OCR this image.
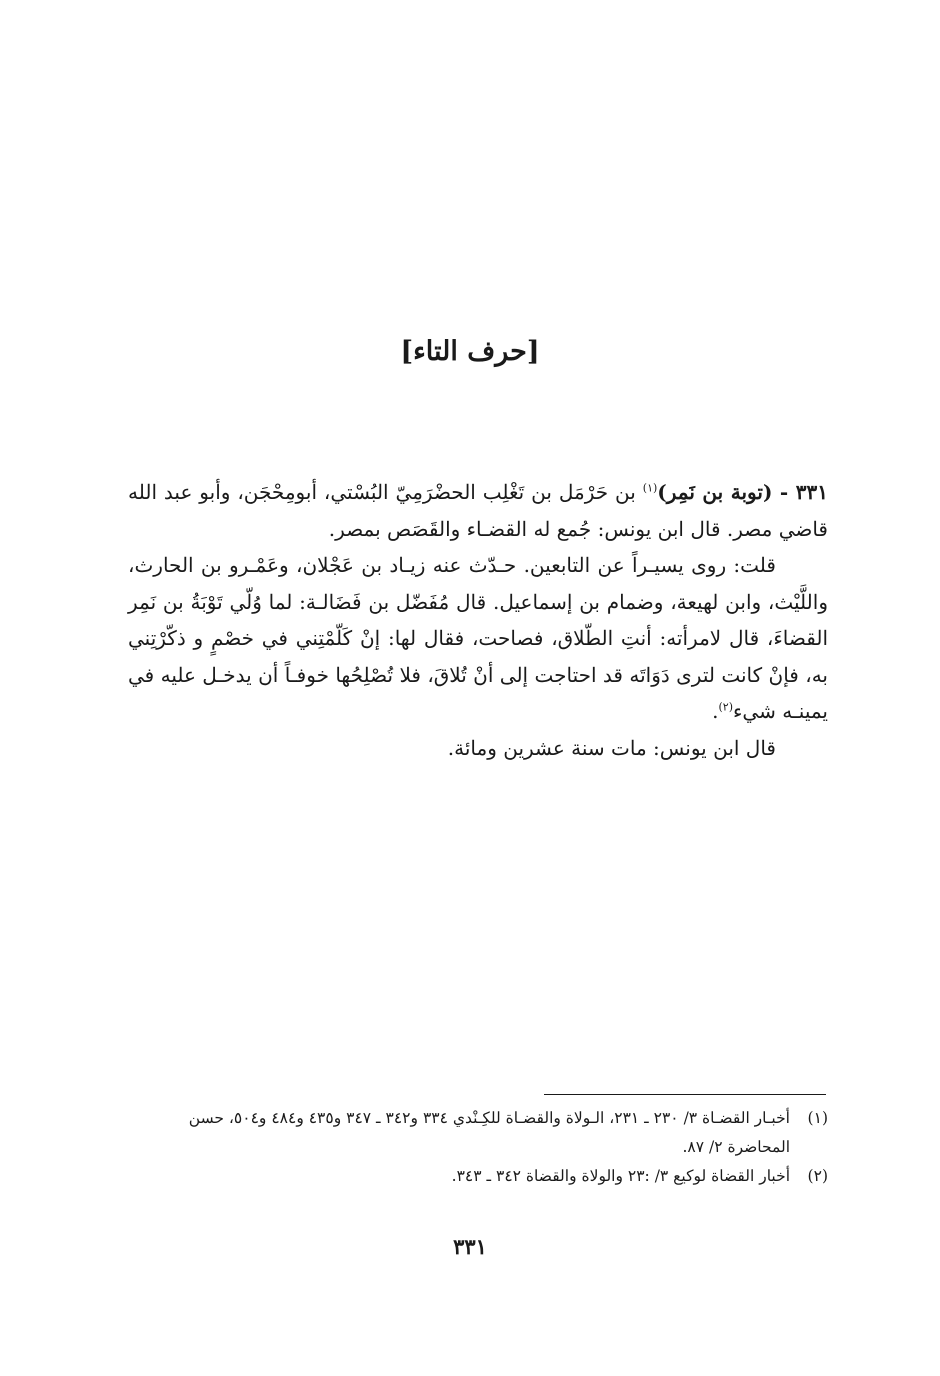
[حرف التاء]

٣٣١ - (توبة بن نَمِر)$^{(١)}$ بن حَرْمَل بن تَغْلِب الحضْرَمِيّ البُسْتي، أبومِحْجَن، وأبو عبد الله قاضي مصر. قال ابن يونس: جُمع له القضـاء والقَصَص بمصر.

قلت: روى يسيـراً عن التابعين. حـدّث عنه زيـاد بن عَجْلان، وعَمْـرو بن الحارث، واللَّيْث، وابن لهيعة، وضمام بن إسماعيل. قال مُفَضّل بن فَضَالـة: لما وُلّي تَوْبَةُ بن نَمِر القضاءَ، قال لامرأته: أنتِ الطّلاق، فصاحت، فقال لها: إنْ كَلّمْتِني في خصْمٍ و ذكّرْتِني به، فإنْ كانت لترى دَوَاتَه قد احتاجت إلى أنْ تُلاقَ، فلا تُصْلِحُها خوفـاً أن يدخـل عليه في يمينـه شيء$^{(٢)}$.

قال ابن يونس: مات سنة عشرين ومائة.

(١)
أخبـار القضـاة ٣/ ٢٣٠ ـ ٢٣١، الـولاة والقضـاة للكِـنْدي ٣٣٤ و٣٤٢ ـ ٣٤٧ و٤٣٥ و٤٨٤ و٥٠٤، حسن المحاضرة ٢/ ٨٧.
(٢)
أخبار القضاة لوكيع ٣/ :٢٣ والولاة والقضاة ٣٤٢ ـ ٣٤٣.
٣٣١
